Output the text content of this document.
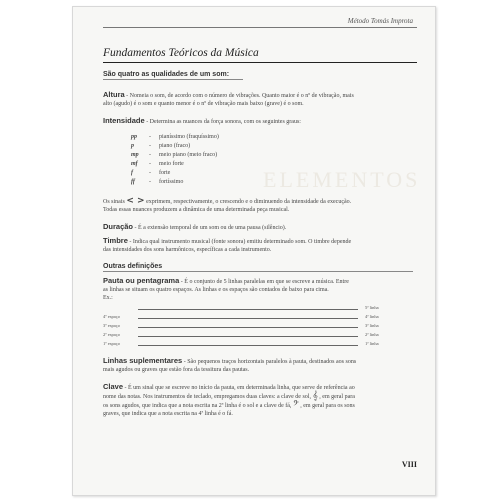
ELEMENTOS
Método Tomás Improta
Fundamentos Teóricos da Música
São quatro as qualidades de um som:
Altura - Nomeia o som, de acordo com o número de vibrações. Quanto maior é o nº de vibração, mais
alto (agudo) é o som e quanto menor é o nº de vibração mais baixo (grave) é o som.
Intensidade - Determina as nuances da força sonora, com os seguintes graus:
pp - pianíssimo (fraquíssimo)
p	- piano (fraco)
mp - meio piano (meio fraco)
mf - meio forte
f	- forte
ff - fortíssimo
Os sinais < > exprimem, respectivamente, o crescendo e o diminuendo da intensidade da execução.
Todas essas nuances produzem a dinâmica de uma determinada peça musical.
Duração - É a extensão temporal de um som ou de uma pausa (silêncio).
Timbre - Indica qual instrumento musical (fonte sonora) emitiu determinado som. O timbre depende
das intensidades dos sons harmônicos, específicas a cada instrumento.
Outras definições
Pauta ou pentagrama - É o conjunto de 5 linhas paralelas em que se escreve a música. Entre
as linhas se situam os quatro espaços. As linhas e os espaços são contados de baixo para cima.
Ex.:
5ª linha
4º espaço	4ª linha
3º espaço	3ª linha
2º espaço	2ª linha
1º espaço	1ª linha
Linhas suplementares - São pequenos traços horizontais paralelos à pauta, destinados aos sons
mais agudos ou graves que estão fora da tessitura das pautas.
Clave - É um sinal que se escreve no início da pauta, em determinada linha, que serve de referência ao
nome das notas. Nos instrumentos de teclado, empregamos duas claves: a clave de sol, 𝄞 , em geral para
os sons agudos, que indica que a nota escrita na 2ª linha é o sol e a clave de fá, 𝄢 , em geral para os sons
graves, que indica que a nota escrita na 4ª linha é o fá.
VIII
